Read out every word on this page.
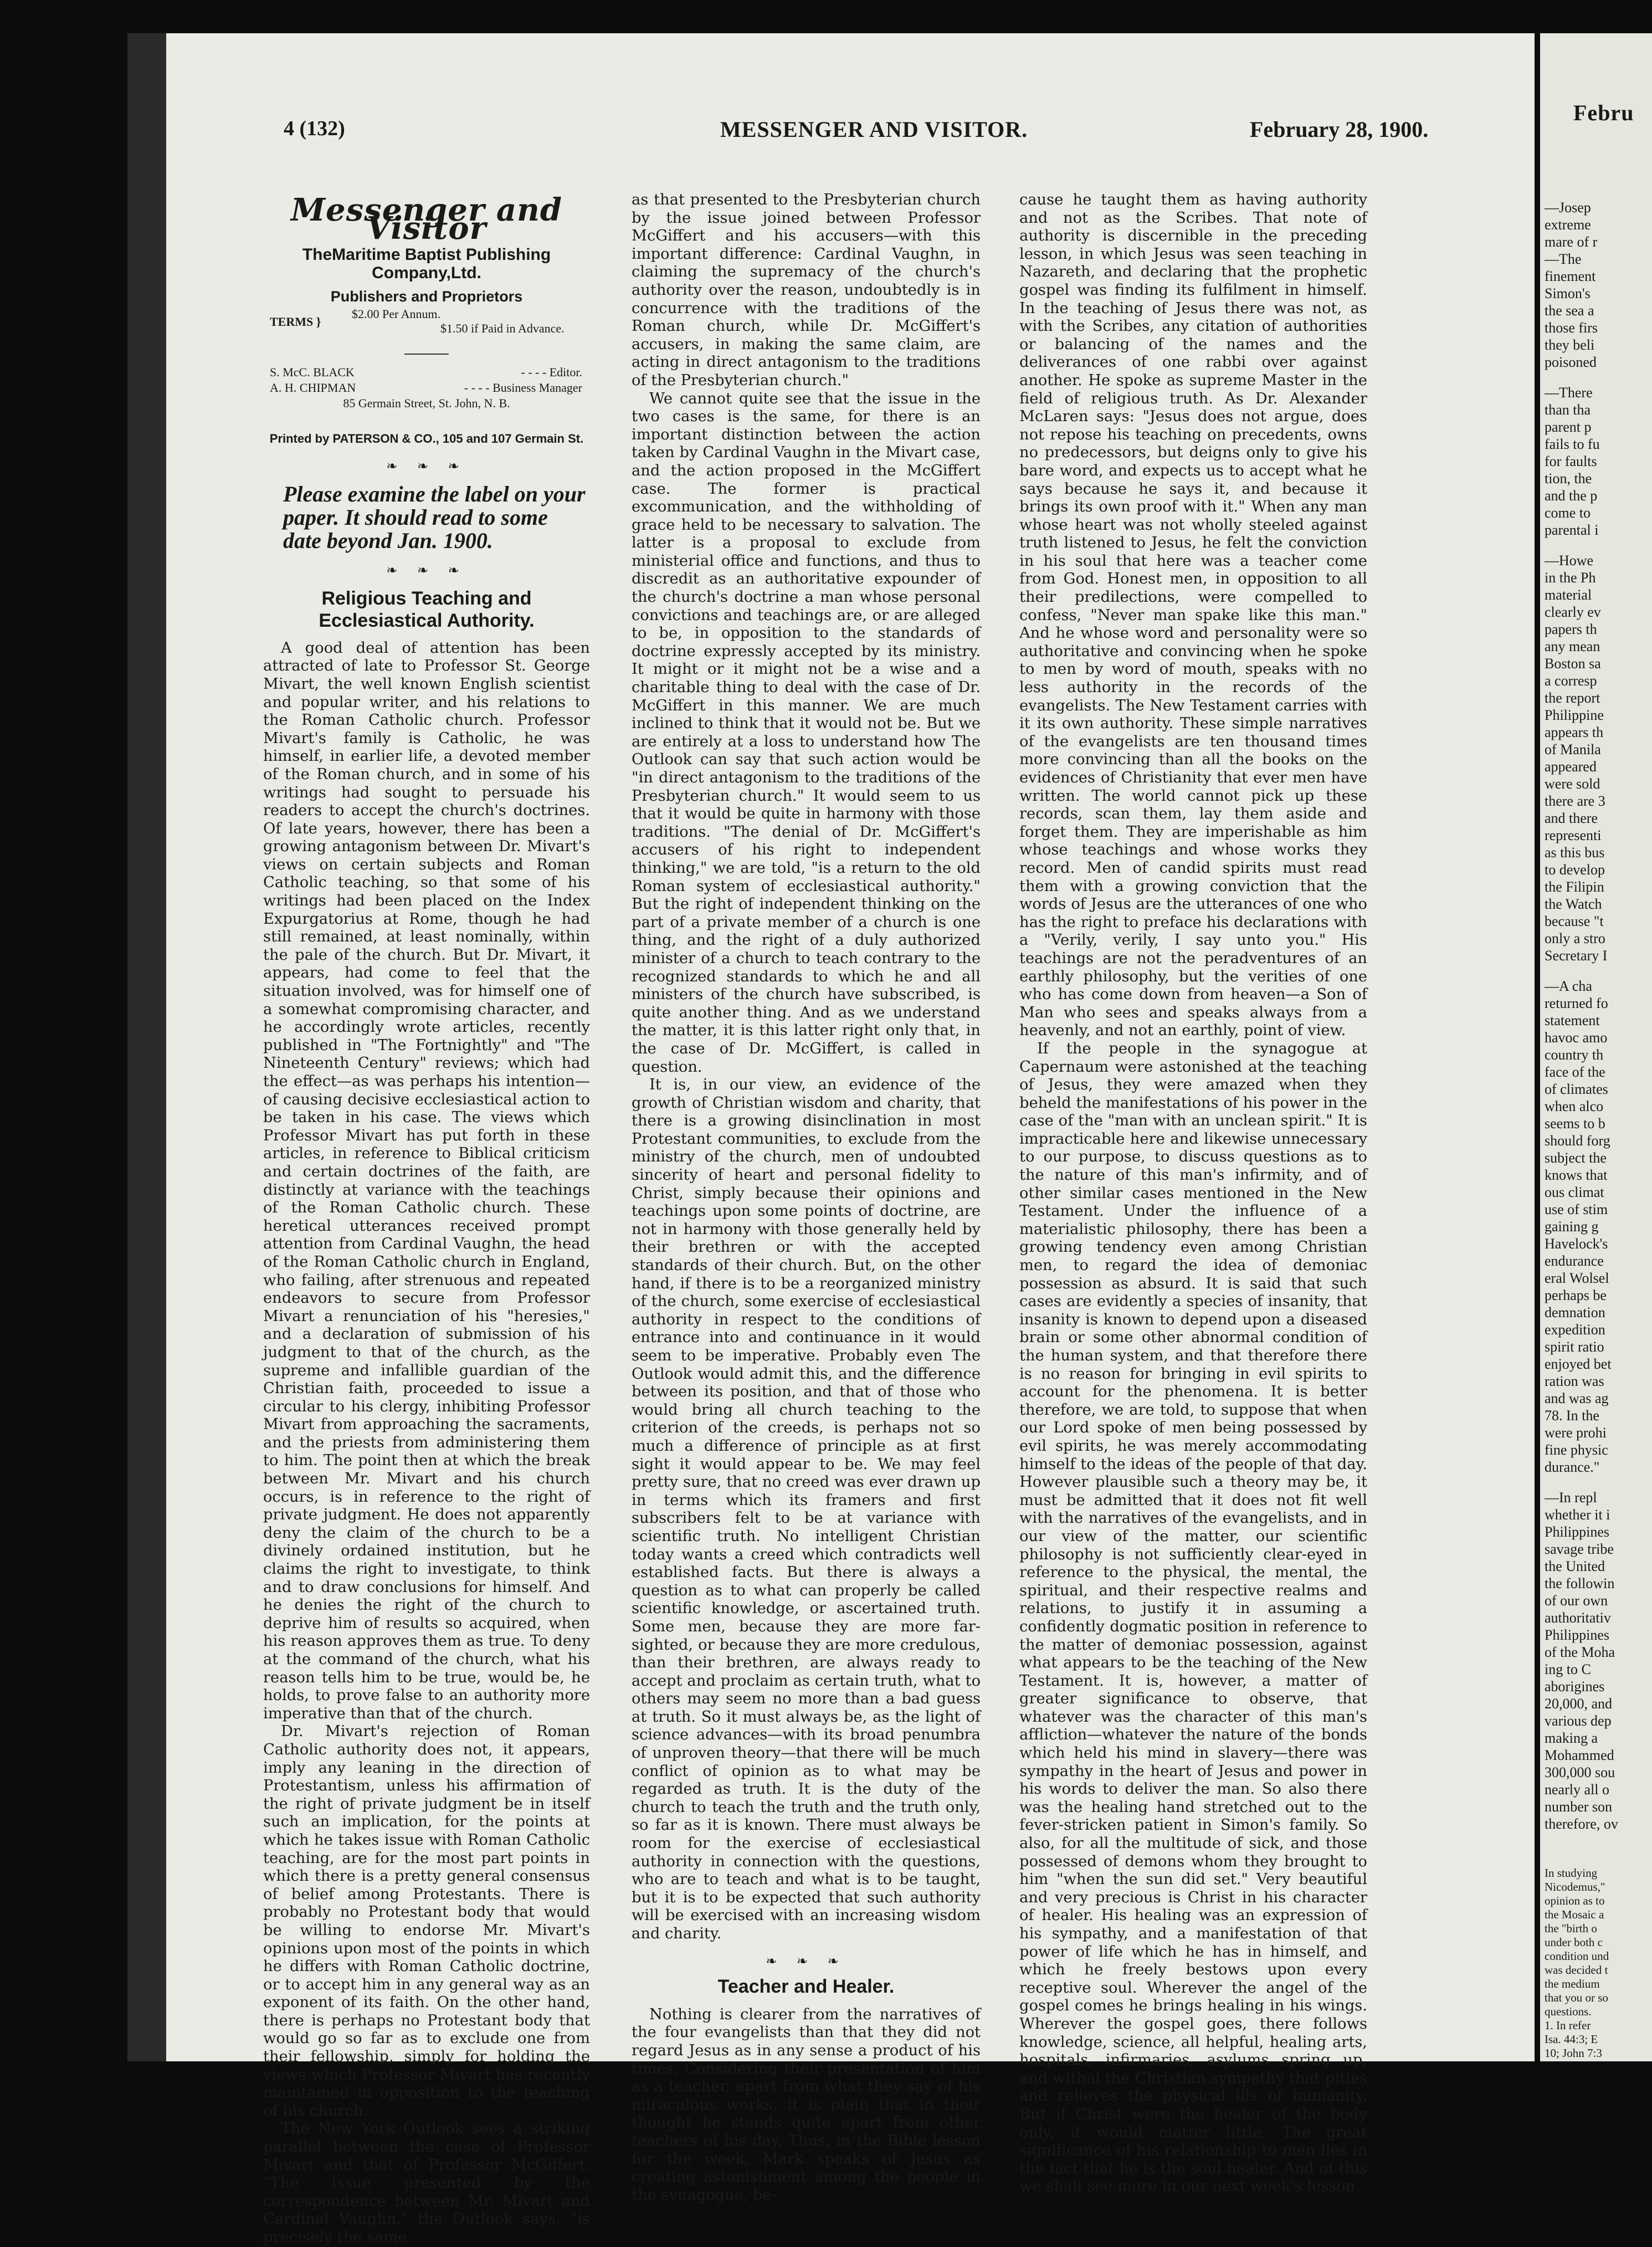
4 (132)	MESSENGER AND VISITOR.	February 28, 1900.
Messenger and Visitor
TheMaritime Baptist Publishing Company,Ltd.
Publishers and Proprietors
TERMS }
$2.00 Per Annum.
$1.50 if Paid in Advance.
S. McC. BLACK	- - - - Editor.
A. H. CHIPMAN	- - - - Business Manager
85 Germain Street, St. John, N. B.
Printed by PATERSON & CO., 105 and 107 Germain St.
❧ ❧ ❧
Please examine the label on your paper. It should read to some date beyond Jan. 1900.
❧ ❧ ❧
Religious Teaching and Ecclesiastical Authority.

A good deal of attention has been attracted of late to Professor St. George Mivart, the well known English scientist and popular writer, and his relations to the Roman Catholic church. Professor Mivart's family is Catholic, he was himself, in earlier life, a devoted member of the Roman church, and in some of his writings had sought to persuade his readers to accept the church's doctrines. Of late years, however, there has been a growing antagonism between Dr. Mivart's views on certain subjects and Roman Catholic teaching, so that some of his writings had been placed on the Index Expurgatorius at Rome, though he had still remained, at least nominally, within the pale of the church. But Dr. Mivart, it appears, had come to feel that the situation involved, was for himself one of a somewhat compromising character, and he accordingly wrote articles, recently published in "The Fortnightly" and "The Nineteenth Century" reviews; which had the effect—as was perhaps his intention—of causing decisive ecclesiastical action to be taken in his case. The views which Professor Mivart has put forth in these articles, in reference to Biblical criticism and certain doctrines of the faith, are distinctly at variance with the teachings of the Roman Catholic church. These heretical utterances received prompt attention from Cardinal Vaughn, the head of the Roman Catholic church in England, who failing, after strenuous and repeated endeavors to secure from Professor Mivart a renunciation of his "heresies," and a declaration of submission of his judgment to that of the church, as the supreme and infallible guardian of the Christian faith, proceeded to issue a circular to his clergy, inhibiting Professor Mivart from approaching the sacraments, and the priests from administering them to him. The point then at which the break between Mr. Mivart and his church occurs, is in reference to the right of private judgment. He does not apparently deny the claim of the church to be a divinely ordained institution, but he claims the right to investigate, to think and to draw conclusions for himself. And he denies the right of the church to deprive him of results so acquired, when his reason approves them as true. To deny at the command of the church, what his reason tells him to be true, would be, he holds, to prove false to an authority more imperative than that of the church.

Dr. Mivart's rejection of Roman Catholic authority does not, it appears, imply any leaning in the direction of Protestantism, unless his affirmation of the right of private judgment be in itself such an implication, for the points at which he takes issue with Roman Catholic teaching, are for the most part points in which there is a pretty general consensus of belief among Protestants. There is probably no Protestant body that would be willing to endorse Mr. Mivart's opinions upon most of the points in which he differs with Roman Catholic doctrine, or to accept him in any general way as an exponent of its faith. On the other hand, there is perhaps no Protestant body that would go so far as to exclude one from their fellowship, simply for holding the views which Professor Mivart has recently maintained in opposition to the teaching of his church.

The New York Outlook sees a striking parallel between the case of Professor Mivart and that of Professor McGiffert. "The issue presented by the correspondence between Mr. Mivart and Cardinal Vaughn," the Outlook says, "is precisely the same

as that presented to the Presbyterian church by the issue joined between Professor McGiffert and his accusers—with this important difference: Cardinal Vaughn, in claiming the supremacy of the church's authority over the reason, undoubtedly is in concurrence with the traditions of the Roman church, while Dr. McGiffert's accusers, in making the same claim, are acting in direct antagonism to the traditions of the Presbyterian church."

We cannot quite see that the issue in the two cases is the same, for there is an important distinction between the action taken by Cardinal Vaughn in the Mivart case, and the action proposed in the McGiffert case. The former is practical excommunication, and the withholding of grace held to be necessary to salvation. The latter is a proposal to exclude from ministerial office and functions, and thus to discredit as an authoritative expounder of the church's doctrine a man whose personal convictions and teachings are, or are alleged to be, in opposition to the standards of doctrine expressly accepted by its ministry. It might or it might not be a wise and a charitable thing to deal with the case of Dr. McGiffert in this manner. We are much inclined to think that it would not be. But we are entirely at a loss to understand how The Outlook can say that such action would be "in direct antagonism to the traditions of the Presbyterian church." It would seem to us that it would be quite in harmony with those traditions. "The denial of Dr. McGiffert's accusers of his right to independent thinking," we are told, "is a return to the old Roman system of ecclesiastical authority." But the right of independent thinking on the part of a private member of a church is one thing, and the right of a duly authorized minister of a church to teach contrary to the recognized standards to which he and all ministers of the church have subscribed, is quite another thing. And as we understand the matter, it is this latter right only that, in the case of Dr. McGiffert, is called in question.

It is, in our view, an evidence of the growth of Christian wisdom and charity, that there is a growing disinclination in most Protestant communities, to exclude from the ministry of the church, men of undoubted sincerity of heart and personal fidelity to Christ, simply because their opinions and teachings upon some points of doctrine, are not in harmony with those generally held by their brethren or with the accepted standards of their church. But, on the other hand, if there is to be a reorganized ministry of the church, some exercise of ecclesiastical authority in respect to the conditions of entrance into and continuance in it would seem to be imperative. Probably even The Outlook would admit this, and the difference between its position, and that of those who would bring all church teaching to the criterion of the creeds, is perhaps not so much a difference of principle as at first sight it would appear to be. We may feel pretty sure, that no creed was ever drawn up in terms which its framers and first subscribers felt to be at variance with scientific truth. No intelligent Christian today wants a creed which contradicts well established facts. But there is always a question as to what can properly be called scientific knowledge, or ascertained truth. Some men, because they are more far-sighted, or because they are more credulous, than their brethren, are always ready to accept and proclaim as certain truth, what to others may seem no more than a bad guess at truth. So it must always be, as the light of science advances—with its broad penumbra of unproven theory—that there will be much conflict of opinion as to what may be regarded as truth. It is the duty of the church to teach the truth and the truth only, so far as it is known. There must always be room for the exercise of ecclesiastical authority in connection with the questions, who are to teach and what is to be taught, but it is to be expected that such authority will be exercised with an increasing wisdom and charity.

❧ ❧ ❧
Teacher and Healer.

Nothing is clearer from the narratives of the four evangelists than that they did not regard Jesus as in any sense a product of his times. Considering their presentation of him as a teacher, apart from what they say of his miraculous works, it is plain that in their thought he stands quite apart from other teachers of his day. Thus, in the Bible lesson for the week, Mark speaks of Jesus as creating astonishment among the people in the synagogue, be-

cause he taught them as having authority and not as the Scribes. That note of authority is discernible in the preceding lesson, in which Jesus was seen teaching in Nazareth, and declaring that the prophetic gospel was finding its fulfilment in himself. In the teaching of Jesus there was not, as with the Scribes, any citation of authorities or balancing of the names and the deliverances of one rabbi over against another. He spoke as supreme Master in the field of religious truth. As Dr. Alexander McLaren says: "Jesus does not argue, does not repose his teaching on precedents, owns no predecessors, but deigns only to give his bare word, and expects us to accept what he says because he says it, and because it brings its own proof with it." When any man whose heart was not wholly steeled against truth listened to Jesus, he felt the conviction in his soul that here was a teacher come from God. Honest men, in opposition to all their predilections, were compelled to confess, "Never man spake like this man." And he whose word and personality were so authoritative and convincing when he spoke to men by word of mouth, speaks with no less authority in the records of the evangelists. The New Testament carries with it its own authority. These simple narratives of the evangelists are ten thousand times more convincing than all the books on the evidences of Christianity that ever men have written. The world cannot pick up these records, scan them, lay them aside and forget them. They are imperishable as him whose teachings and whose works they record. Men of candid spirits must read them with a growing conviction that the words of Jesus are the utterances of one who has the right to preface his declarations with a "Verily, verily, I say unto you." His teachings are not the peradventures of an earthly philosophy, but the verities of one who has come down from heaven—a Son of Man who sees and speaks always from a heavenly, and not an earthly, point of view.

If the people in the synagogue at Capernaum were astonished at the teaching of Jesus, they were amazed when they beheld the manifestations of his power in the case of the "man with an unclean spirit." It is impracticable here and likewise unnecessary to our purpose, to discuss questions as to the nature of this man's infirmity, and of other similar cases mentioned in the New Testament. Under the influence of a materialistic philosophy, there has been a growing tendency even among Christian men, to regard the idea of demoniac possession as absurd. It is said that such cases are evidently a species of insanity, that insanity is known to depend upon a diseased brain or some other abnormal condition of the human system, and that therefore there is no reason for bringing in evil spirits to account for the phenomena. It is better therefore, we are told, to suppose that when our Lord spoke of men being possessed by evil spirits, he was merely accommodating himself to the ideas of the people of that day. However plausible such a theory may be, it must be admitted that it does not fit well with the narratives of the evangelists, and in our view of the matter, our scientific philosophy is not sufficiently clear-eyed in reference to the physical, the mental, the spiritual, and their respective realms and relations, to justify it in assuming a confidently dogmatic position in reference to the matter of demoniac possession, against what appears to be the teaching of the New Testament. It is, however, a matter of greater significance to observe, that whatever was the character of this man's affliction—whatever the nature of the bonds which held his mind in slavery—there was sympathy in the heart of Jesus and power in his words to deliver the man. So also there was the healing hand stretched out to the fever-stricken patient in Simon's family. So also, for all the multitude of sick, and those possessed of demons whom they brought to him "when the sun did set." Very beautiful and very precious is Christ in his character of healer. His healing was an expression of his sympathy, and a manifestation of that power of life which he has in himself, and which he freely bestows upon every receptive soul. Wherever the angel of the gospel comes he brings healing in his wings. Wherever the gospel goes, there follows knowledge, science, all helpful, healing arts, hospitals, infirmaries, asylums spring up, and withal the Christian sympathy that pities and relieves the physical ills of humanity. But if Christ were the healer of the body only, it would matter little. The great significance of his relationship to men lies in the fact that he is the soul healer. And of this we shall see more in our next week's lesson.

Febru
—Josep
extreme
mare of r
—The
finement
Simon's
the sea a
those firs
they beli
poisoned
—There
than tha
parent p
fails to fu
for faults
tion, the
and the p
come to
parental i
—Howe
in the Ph
material
clearly ev
papers th
any mean
Boston sa
a corresp
the report
Philippine
appears th
of Manila
appeared
were sold
there are 3
and there
representi
as this bus
to develop
the Filipin
the Watch
because "t
only a stro
Secretary I
—A cha
returned fo
statement
havoc amo
country th
face of the
of climates
when alco
seems to b
should forg
subject the
knows that
ous climat
use of stim
gaining g
Havelock's
endurance
eral Wolsel
perhaps be
demnation
expedition
spirit ratio
enjoyed bet
ration was
and was ag
78. In the
were prohi
fine physic
durance."
—In repl
whether it i
Philippines
savage tribe
the United
the followin
of our own
authoritativ
Philippines
of the Moha
ing to C
aborigines
20,000, and
various dep
making a
Mohammed
300,000 sou
nearly all o
number son
therefore, ov
In studying
Nicodemus,"
opinion as to
the Mosaic a
the "birth o
under both c
condition und
was decided t
the medium
that you or so
questions.
1. In refer
Isa. 44:3; E
10; John 7:3
